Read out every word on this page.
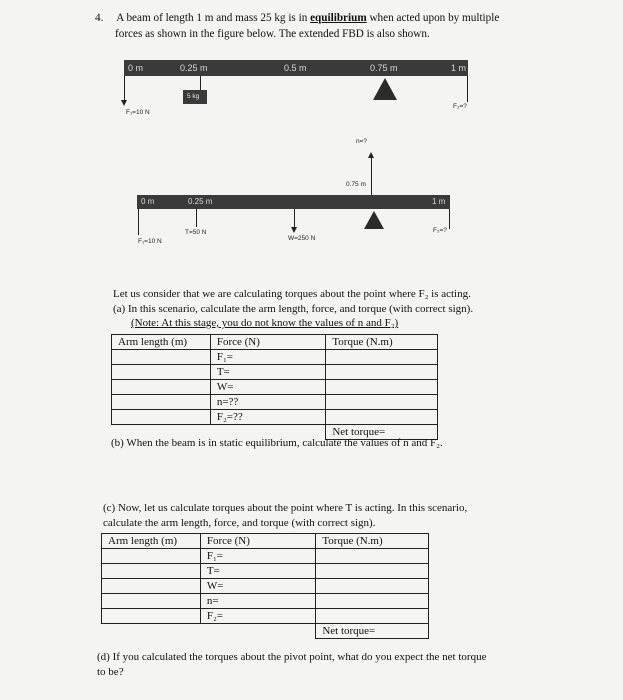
4. A beam of length 1 m and mass 25 kg is in equilibrium when acted upon by multiple
forces as shown in the figure below. The extended FBD is also shown.
0 m	0.25 m	0.5 m	0.75 m	1 m
5 kg
F₁=10 N
F₂=?
n=?
0.75 m
0 m	0.25 m	1 m
T=50 N
W=250 N
F₁=10 N
F₂=?
Let us consider that we are calculating torques about the point where F₂ is acting.
(a) In this scenario, calculate the arm length, force, and torque (with correct sign).
(Note: At this stage, you do not know the values of n and F₂)
Arm length (m)	Force (N)	Torque (N.m)
	F₁=	
	T=	
	W=	
	n=??	
	F₂=??	
		Net torque=
(b) When the beam is in static equilibrium, calculate the values of n and F₂.
(c) Now, let us calculate torques about the point where T is acting. In this scenario,
calculate the arm length, force, and torque (with correct sign).
Arm length (m)	Force (N)	Torque (N.m)
	F₁=	
	T=	
	W=	
	n=	
	F₂=	
		Net torque=
(d) If you calculated the torques about the pivot point, what do you expect the net torque
to be?
